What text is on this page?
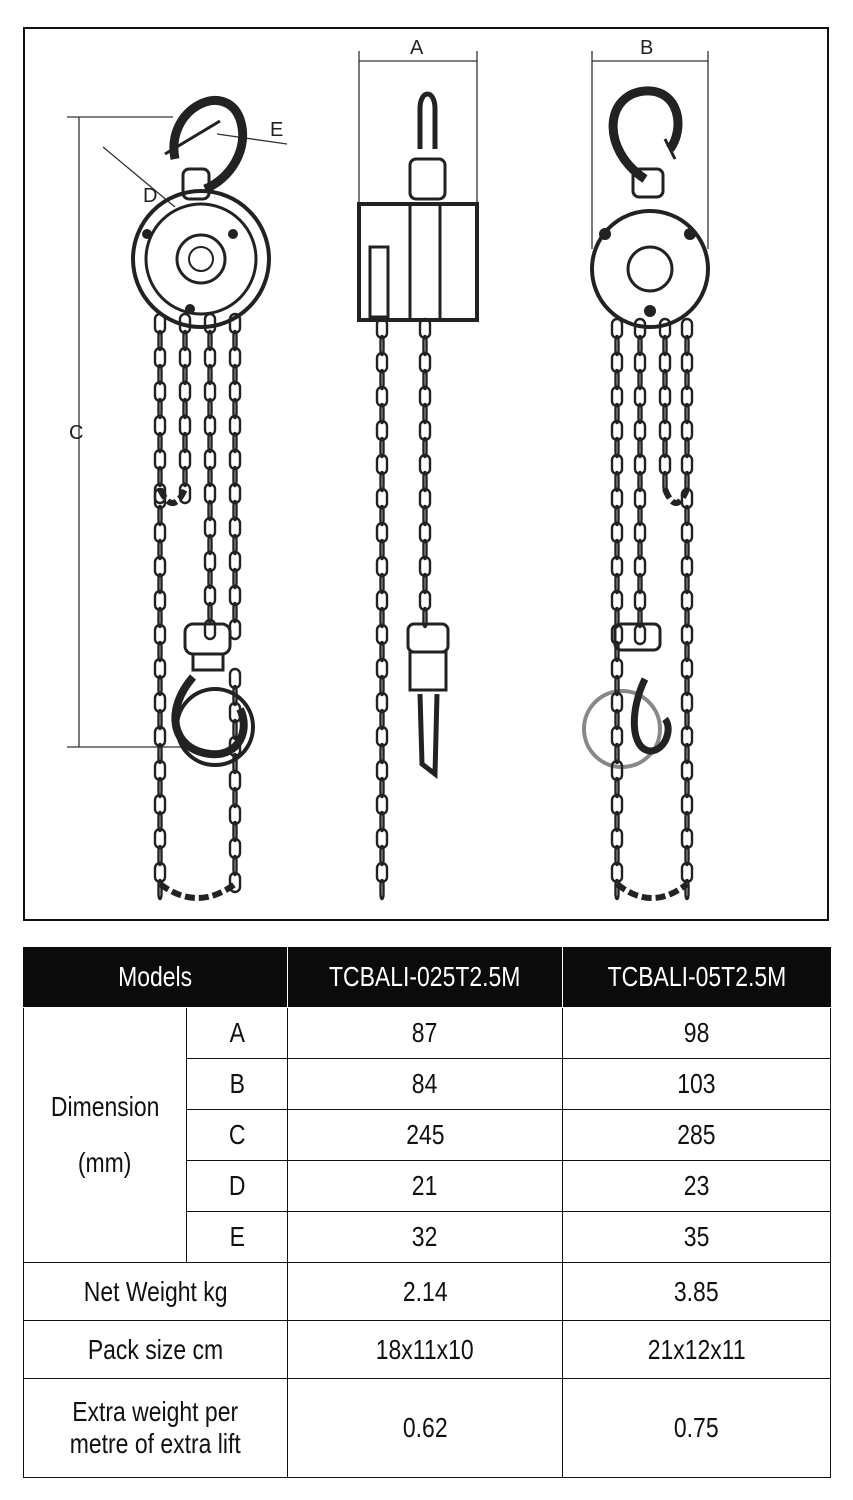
C
D
E
A	B
Models		TCBALI-025T2.5M	TCBALI-05T2.5M
Dimension
(mm)	A	87	98
	B	84	103
	C	245	285
	D	21	23
	E	32	35
Net Weight kg		2.14	3.85
Pack size cm		18x11x10	21x12x11
Extra weight per
metre of extra lift		0.62	0.75
